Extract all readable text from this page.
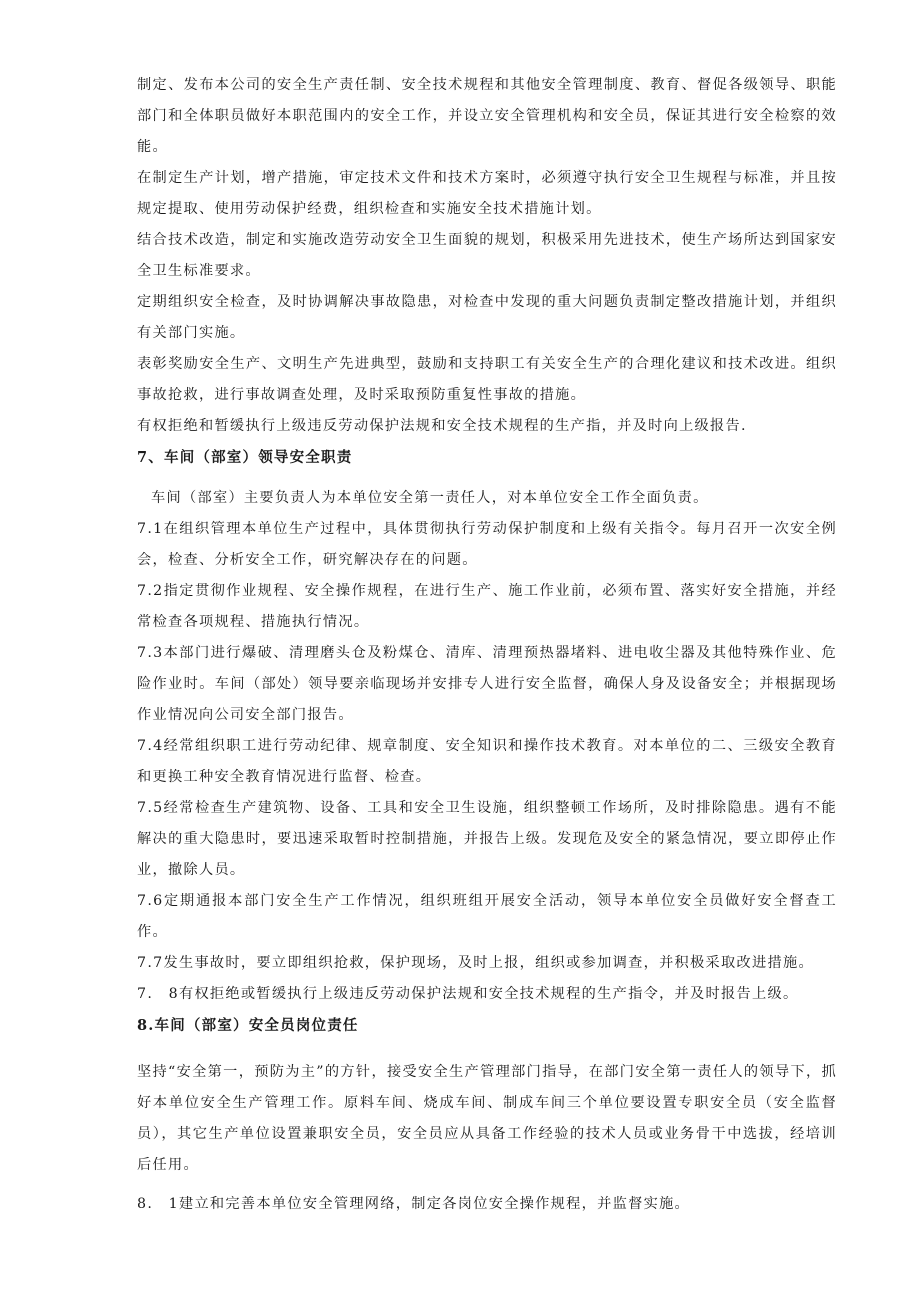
制定、发布本公司的安全生产责任制、安全技术规程和其他安全管理制度、教育、督促各级领导、职能部门和全体职员做好本职范围内的安全工作，并设立安全管理机构和安全员，保证其进行安全检察的效能。

在制定生产计划，增产措施，审定技术文件和技术方案时，必须遵守执行安全卫生规程与标准，并且按规定提取、使用劳动保护经费，组织检查和实施安全技术措施计划。

结合技术改造，制定和实施改造劳动安全卫生面貌的规划，积极采用先进技术，使生产场所达到国家安全卫生标准要求。

定期组织安全检查，及时协调解决事故隐患，对检查中发现的重大问题负责制定整改措施计划，并组织有关部门实施。

表彰奖励安全生产、文明生产先进典型，鼓励和支持职工有关安全生产的合理化建议和技术改进。组织事故抢救，进行事故调查处理，及时采取预防重复性事故的措施。

有权拒绝和暂缓执行上级违反劳动保护法规和安全技术规程的生产指，并及时向上级报告.

7、车间（部室）领导安全职责

车间（部室）主要负责人为本单位安全第一责任人，对本单位安全工作全面负责。

7.1在组织管理本单位生产过程中，具体贯彻执行劳动保护制度和上级有关指令。每月召开一次安全例会，检查、分析安全工作，研究解决存在的问题。

7.2指定贯彻作业规程、安全操作规程，在进行生产、施工作业前，必须布置、落实好安全措施，并经常检查各项规程、措施执行情况。

7.3本部门进行爆破、清理磨头仓及粉煤仓、清库、清理预热器堵料、进电收尘器及其他特殊作业、危险作业时。车间（部处）领导要亲临现场并安排专人进行安全监督，确保人身及设备安全；并根据现场作业情况向公司安全部门报告。

7.4经常组织职工进行劳动纪律、规章制度、安全知识和操作技术教育。对本单位的二、三级安全教育和更换工种安全教育情况进行监督、检查。

7.5经常检查生产建筑物、设备、工具和安全卫生设施，组织整顿工作场所，及时排除隐患。遇有不能解决的重大隐患时，要迅速采取暂时控制措施，并报告上级。发现危及安全的紧急情况，要立即停止作业，撤除人员。

7.6定期通报本部门安全生产工作情况，组织班组开展安全活动，领导本单位安全员做好安全督查工作。

7.7发生事故时，要立即组织抢救，保护现场，及时上报，组织或参加调查，并积极采取改进措施。

7.　8有权拒绝或暂缓执行上级违反劳动保护法规和安全技术规程的生产指令，并及时报告上级。

8.车间（部室）安全员岗位责任

坚持“安全第一，预防为主”的方针，接受安全生产管理部门指导，在部门安全第一责任人的领导下，抓好本单位安全生产管理工作。原料车间、烧成车间、制成车间三个单位要设置专职安全员（安全监督员），其它生产单位设置兼职安全员，安全员应从具备工作经验的技术人员或业务骨干中选拔，经培训后任用。

8.　1建立和完善本单位安全管理网络，制定各岗位安全操作规程，并监督实施。
